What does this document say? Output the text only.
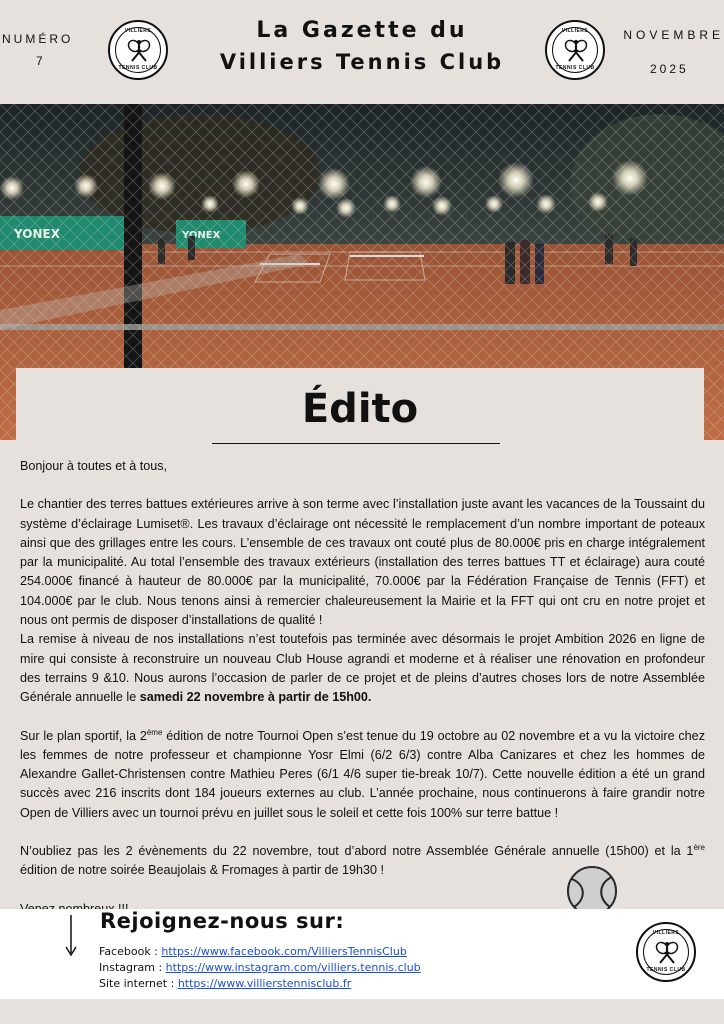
NUMÉRO
7
VILLIERS
TENNIS CLUB
La Gazette du
Villiers Tennis Club
VILLIERS
TENNIS CLUB
NOVEMBRE
2025
Édito

Bonjour à toutes et à tous,

Le chantier des terres battues extérieures arrive à son terme avec l’installation juste avant les vacances de la Toussaint du système d’éclairage Lumiset®. Les travaux d’éclairage ont nécessité le remplacement d’un nombre important de poteaux ainsi que des grillages entre les cours. L’ensemble de ces travaux ont couté plus de 80.000€ pris en charge intégralement par la municipalité. Au total l’ensemble des travaux extérieurs (installation des terres battues TT et éclairage) aura couté 254.000€ financé à hauteur de 80.000€ par la municipalité, 70.000€ par la Fédération Française de Tennis (FFT) et 104.000€ par le club. Nous tenons ainsi à remercier chaleureusement la Mairie et la FFT qui ont cru en notre projet et nous ont permis de disposer d’installations de qualité !

La remise à niveau de nos installations n’est toutefois pas terminée avec désormais le projet Ambition 2026 en ligne de mire qui consiste à reconstruire un nouveau Club House agrandi et moderne et à réaliser une rénovation en profondeur des terrains 9 &10. Nous aurons l’occasion de parler de ce projet et de pleins d’autres choses lors de notre Assemblée Générale annuelle le samedi 22 novembre à partir de 15h00.

Sur le plan sportif, la 2ème édition de notre Tournoi Open s’est tenue du 19 octobre au 02 novembre et a vu la victoire chez les femmes de notre professeur et championne Yosr Elmi (6/2 6/3) contre Alba Canizares et chez les hommes de Alexandre Gallet-Christensen contre Mathieu Peres (6/1 4/6 super tie-break 10/7). Cette nouvelle édition a été un grand succès avec 216 inscrits dont 184 joueurs externes au club. L’année prochaine, nous continuerons à faire grandir notre Open de Villiers avec un tournoi prévu en juillet sous le soleil et cette fois 100% sur terre battue !

N’oubliez pas les 2 évènements du 22 novembre, tout d’abord notre Assemblée Générale annuelle (15h00) et la 1ère édition de notre soirée Beaujolais & Fromages à partir de 19h30 !

Rejoignez-nous sur:
Facebook : https://www.facebook.com/VilliersTennisClub
Instagram : https://www.instagram.com/villiers.tennis.club
Site internet : https://www.villierstennisclub.fr
VILLIERS
TENNIS CLUB
